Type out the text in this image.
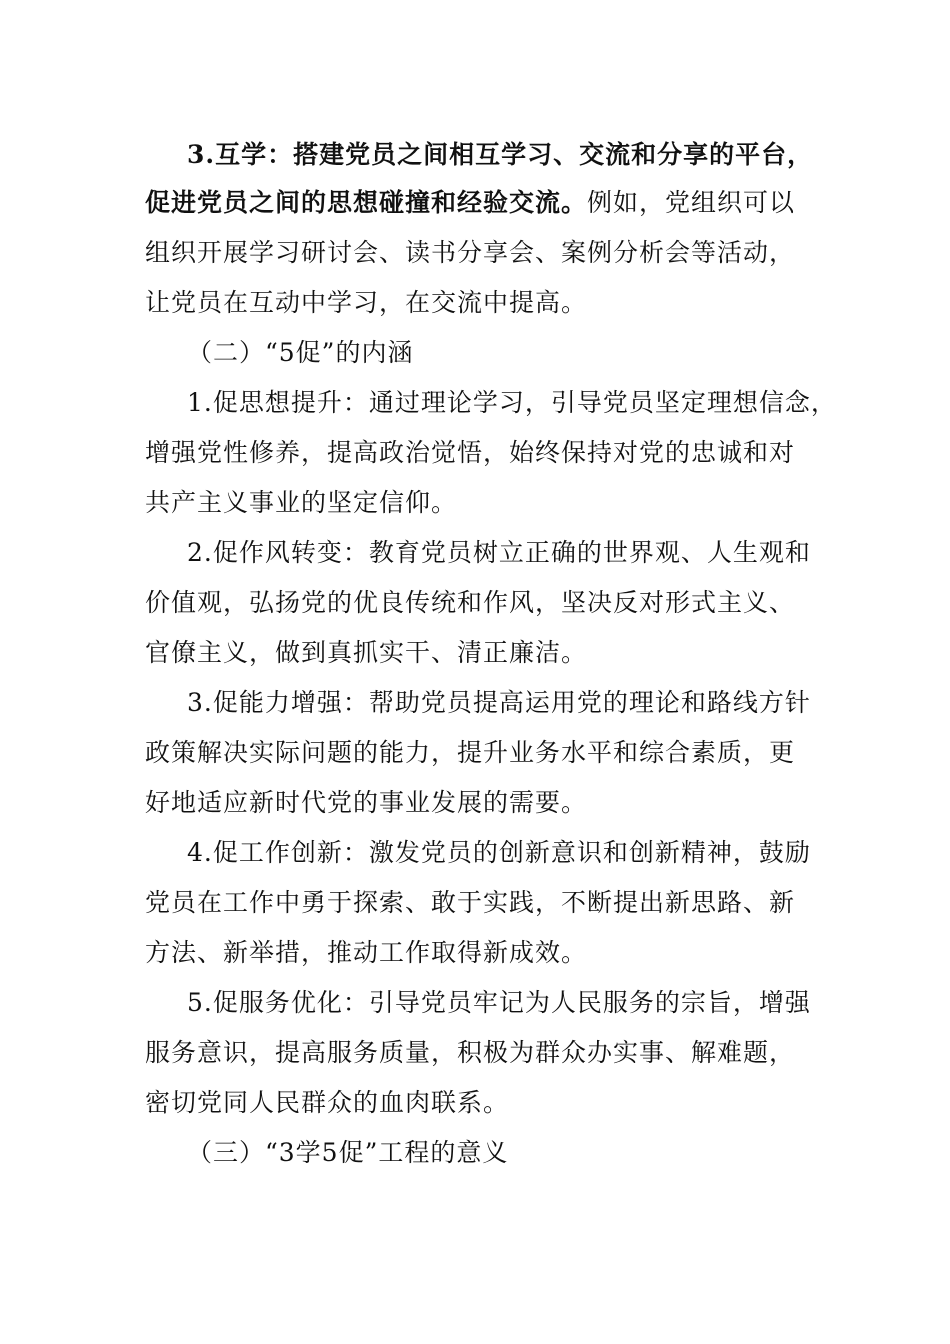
3.互学：搭建党员之间相互学习、交流和分享的平台，
促进党员之间的思想碰撞和经验交流。例如，党组织可以
组织开展学习研讨会、读书分享会、案例分析会等活动，
让党员在互动中学习，在交流中提高。
（二）“5促”的内涵
1.促思想提升：通过理论学习，引导党员坚定理想信念，
增强党性修养，提高政治觉悟，始终保持对党的忠诚和对
共产主义事业的坚定信仰。
2.促作风转变：教育党员树立正确的世界观、人生观和
价值观，弘扬党的优良传统和作风，坚决反对形式主义、
官僚主义，做到真抓实干、清正廉洁。
3.促能力增强：帮助党员提高运用党的理论和路线方针
政策解决实际问题的能力，提升业务水平和综合素质，更
好地适应新时代党的事业发展的需要。
4.促工作创新：激发党员的创新意识和创新精神，鼓励
党员在工作中勇于探索、敢于实践，不断提出新思路、新
方法、新举措，推动工作取得新成效。
5.促服务优化：引导党员牢记为人民服务的宗旨，增强
服务意识，提高服务质量，积极为群众办实事、解难题，
密切党同人民群众的血肉联系。
（三）“3学5促”工程的意义
